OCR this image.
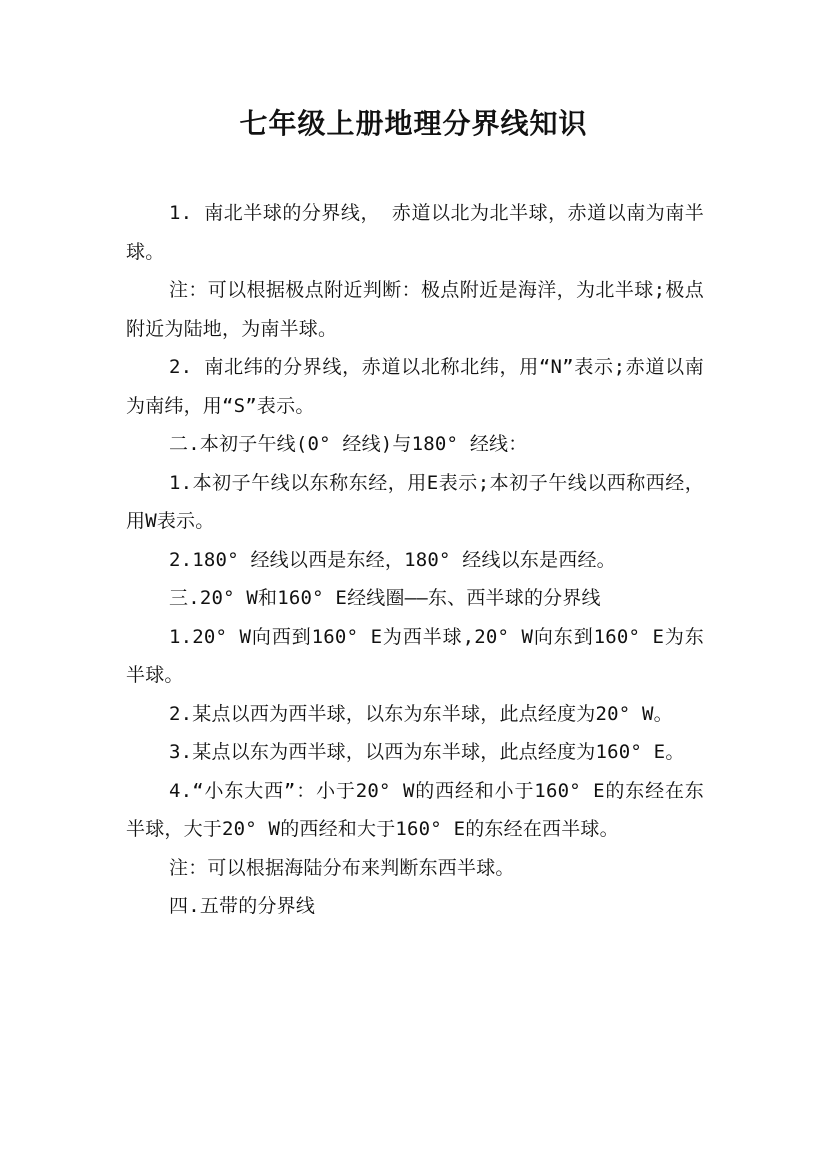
七年级上册地理分界线知识

1. 南北半球的分界线， 赤道以北为北半球，赤道以南为南半球。

注：可以根据极点附近判断：极点附近是海洋，为北半球;极点附近为陆地，为南半球。

2. 南北纬的分界线，赤道以北称北纬，用“N”表示;赤道以南为南纬，用“S”表示。

二.本初子午线(0° 经线)与180° 经线：

1.本初子午线以东称东经，用E表示;本初子午线以西称西经，用W表示。

2.180° 经线以西是东经，180° 经线以东是西经。

三.20° W和160° E经线圈——东、西半球的分界线

1.20° W向西到160° E为西半球,20° W向东到160° E为东半球。

2.某点以西为西半球，以东为东半球，此点经度为20° W。

3.某点以东为西半球，以西为东半球，此点经度为160° E。

4.“小东大西”：小于20° W的西经和小于160° E的东经在东半球，大于20° W的西经和大于160° E的东经在西半球。

注：可以根据海陆分布来判断东西半球。

四.五带的分界线
